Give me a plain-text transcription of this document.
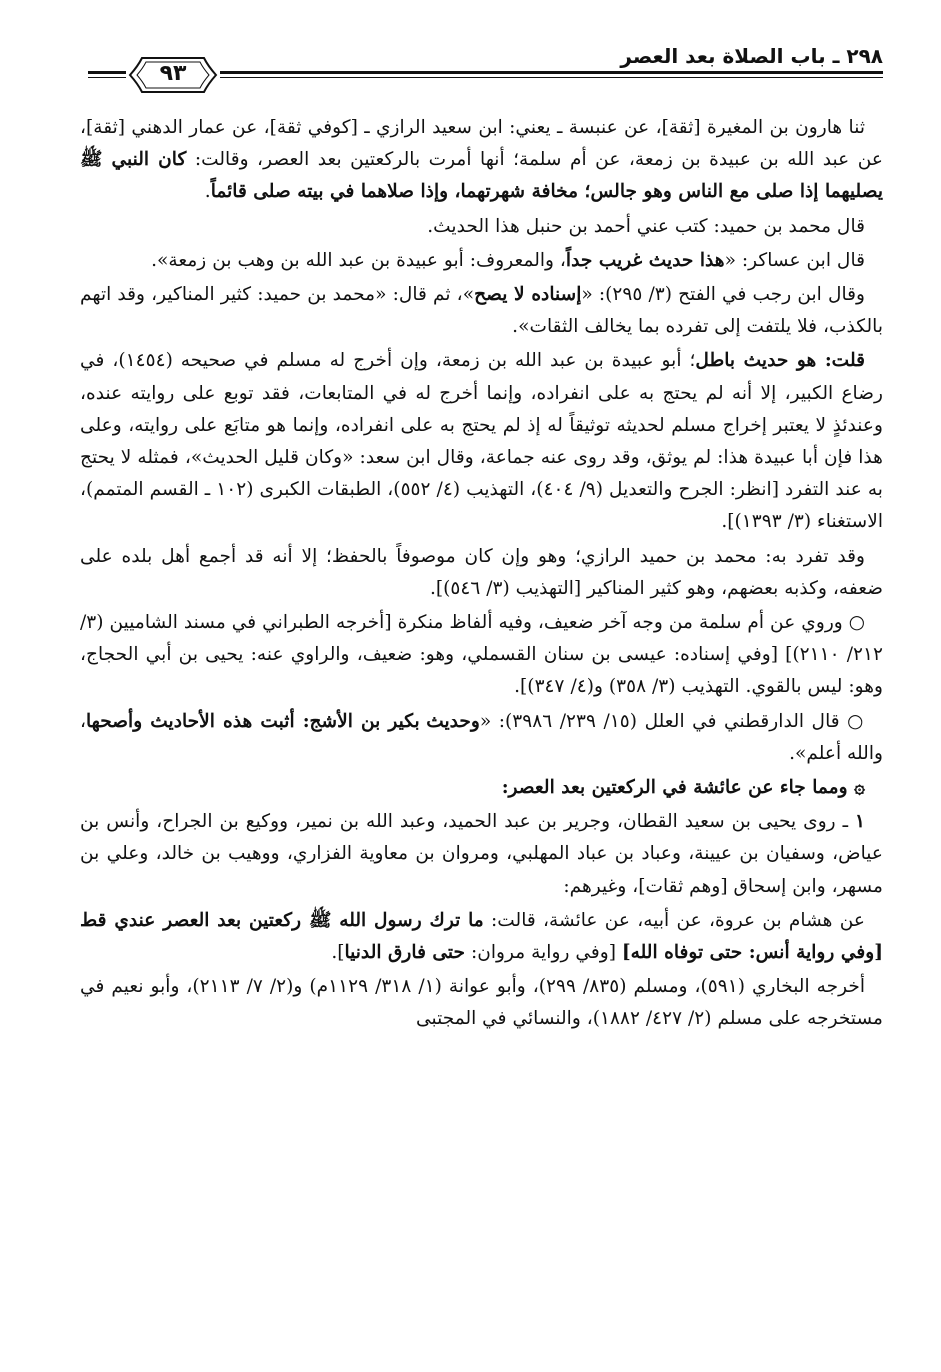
٢٩٨ ـ باب الصلاة بعد العصر
٩٣

ثنا هارون بن المغيرة [ثقة]، عن عنبسة ـ يعني: ابن سعيد الرازي ـ [كوفي ثقة]، عن عمار الدهني [ثقة]، عن عبد الله بن عبيدة بن زمعة، عن أم سلمة؛ أنها أمرت بالركعتين بعد العصر، وقالت: كان النبي ﷺ يصليهما إذا صلى مع الناس وهو جالس؛ مخافة شهرتهما، وإذا صلاهما في بيته صلى قائماً.

قال محمد بن حميد: كتب عني أحمد بن حنبل هذا الحديث.

قال ابن عساكر: «هذا حديث غريب جداً، والمعروف: أبو عبيدة بن عبد الله بن وهب بن زمعة».

وقال ابن رجب في الفتح (٣/ ٢٩٥): «إسناده لا يصح»، ثم قال: «محمد بن حميد: كثير المناكير، وقد اتهم بالكذب، فلا يلتفت إلى تفرده بما يخالف الثقات».

قلت: هو حديث باطل؛ أبو عبيدة بن عبد الله بن زمعة، وإن أخرج له مسلم في صحيحه (١٤٥٤)، في رضاع الكبير، إلا أنه لم يحتج به على انفراده، وإنما أخرج له في المتابعات، فقد توبع على روايته عنده، وعندئذٍ لا يعتبر إخراج مسلم لحديثه توثيقاً له إذ لم يحتج به على انفراده، وإنما هو متابَع على روايته، وعلى هذا فإن أبا عبيدة هذا: لم يوثق، وقد روى عنه جماعة، وقال ابن سعد: «وكان قليل الحديث»، فمثله لا يحتج به عند التفرد [انظر: الجرح والتعديل (٩/ ٤٠٤)، التهذيب (٤/ ٥٥٢)، الطبقات الكبرى (١٠٢ ـ القسم المتمم)، الاستغناء (٣/ ١٣٩٣)].

وقد تفرد به: محمد بن حميد الرازي؛ وهو وإن كان موصوفاً بالحفظ؛ إلا أنه قد أجمع أهل بلده على ضعفه، وكذبه بعضهم، وهو كثير المناكير [التهذيب (٣/ ٥٤٦)].

○ وروي عن أم سلمة من وجه آخر ضعيف، وفيه ألفاظ منكرة [أخرجه الطبراني في مسند الشاميين (٣/ ٢١٢/ ٢١١٠)] [وفي إسناده: عيسى بن سنان القسملي، وهو: ضعيف، والراوي عنه: يحيى بن أبي الحجاج، وهو: ليس بالقوي. التهذيب (٣/ ٣٥٨) و(٤/ ٣٤٧)].

○ قال الدارقطني في العلل (١٥/ ٢٣٩/ ٣٩٨٦): «وحديث بكير بن الأشج: أثبت هذه الأحاديث وأصحها، والله أعلم».

۞ ومما جاء عن عائشة في الركعتين بعد العصر:

١ ـ روى يحيى بن سعيد القطان، وجرير بن عبد الحميد، وعبد الله بن نمير، ووكيع بن الجراح، وأنس بن عياض، وسفيان بن عيينة، وعباد بن عباد المهلبي، ومروان بن معاوية الفزاري، ووهيب بن خالد، وعلي بن مسهر، وابن إسحاق [وهم ثقات]، وغيرهم:

عن هشام بن عروة، عن أبيه، عن عائشة، قالت: ما ترك رسول الله ﷺ ركعتين بعد العصر عندي قط [وفي رواية أنس: حتى توفاه الله] [وفي رواية مروان: حتى فارق الدنيا].

أخرجه البخاري (٥٩١)، ومسلم (٨٣٥/ ٢٩٩)، وأبو عوانة (١/ ٣١٨/ ١١٢٩م) و(٢/ ٧/ ٢١١٣)، وأبو نعيم في مستخرجه على مسلم (٢/ ٤٢٧/ ١٨٨٢)، والنسائي في المجتبى
